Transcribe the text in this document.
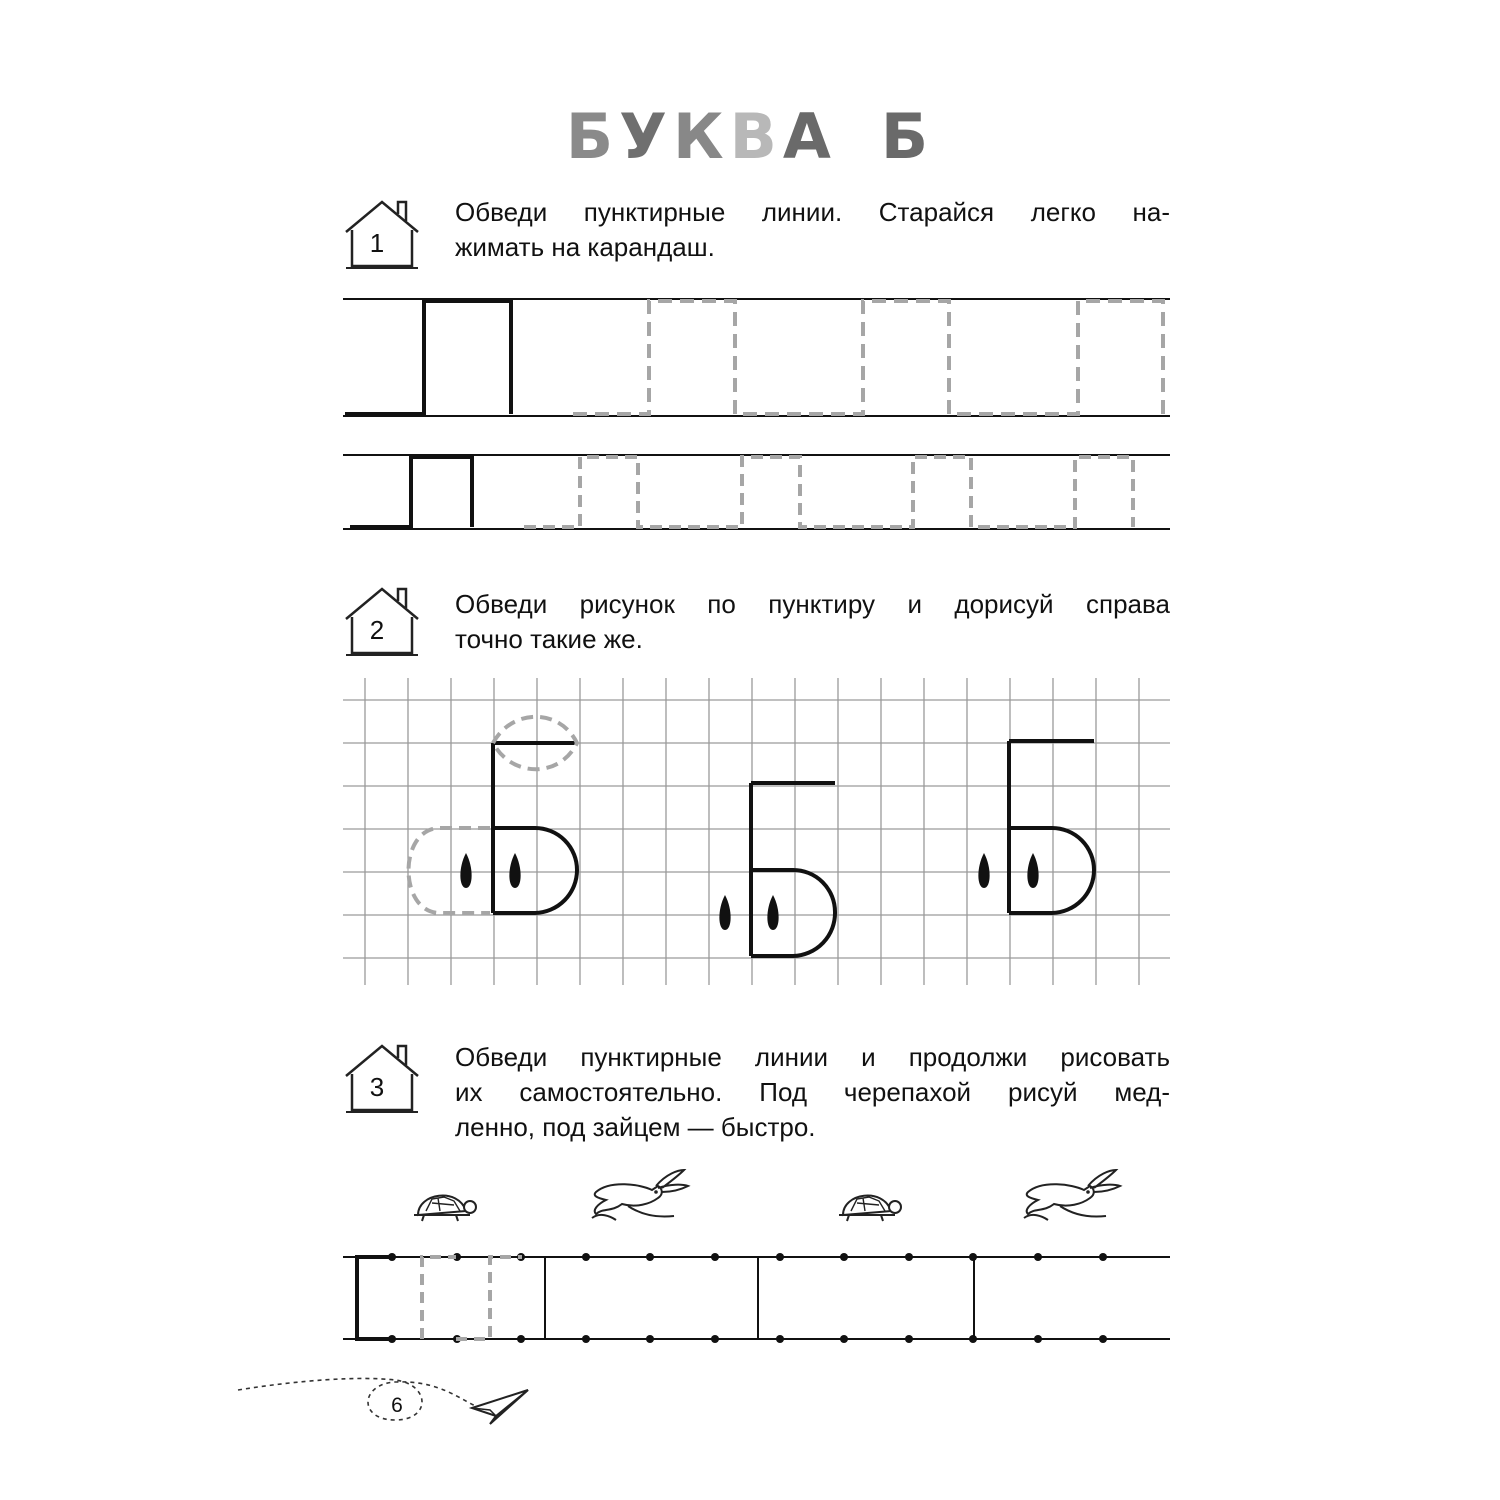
БУКВА Б
1
Обведи пунктирные линии. Старайся легко на-
жимать на карандаш.
2
Обведи рисунок по пунктиру и дорисуй справа
точно такие же.
3
Обведи пунктирные линии и продолжи рисовать
их самостоятельно. Под черепахой рисуй мед-
ленно, под зайцем — быстро.
6
